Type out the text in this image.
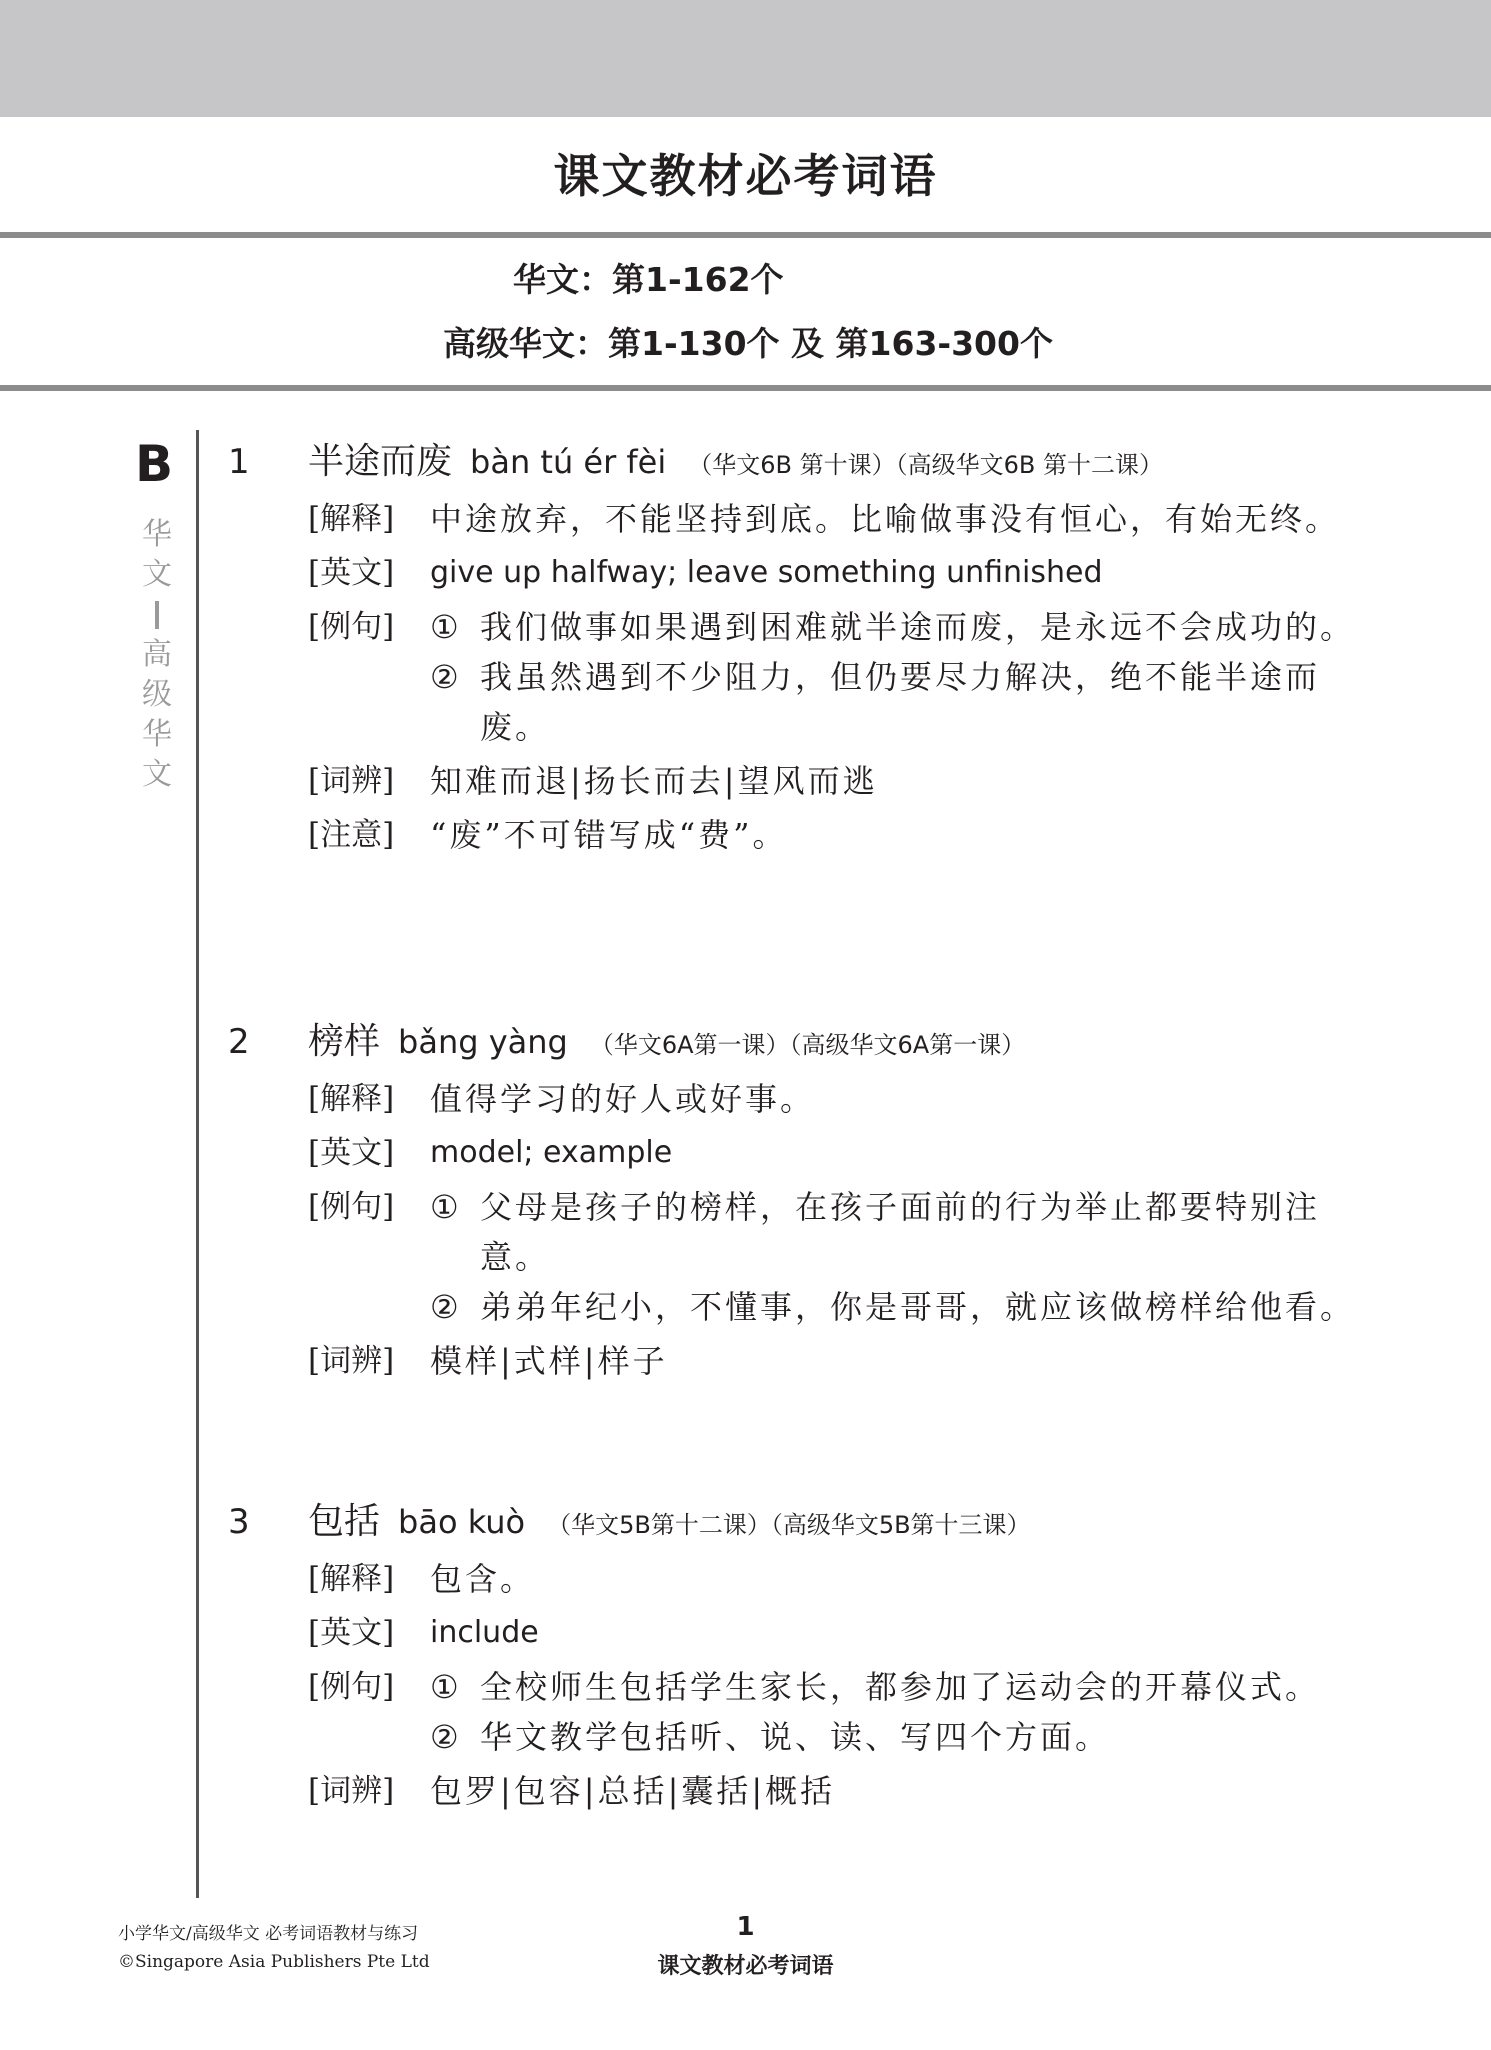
课文教材必考词语
华文：第1-162个
高级华文：第1-130个 及 第163-300个
B
华
文
高
级
华
文
1 半途而废 bàn tú ér fèi （华文6B 第十课）（高级华文6B 第十二课）
[解释]	中途放弃，不能坚持到底。比喻做事没有恒心，有始无终。
[英文]	give up halfway; leave something unfinished
[例句]	① 我们做事如果遇到困难就半途而废，是永远不会成功的。
② 我虽然遇到不少阻力，但仍要尽力解决，绝不能半途而废。
[词辨]	知难而退|扬长而去|望风而逃
[注意]	“废”不可错写成“费”。
2 榜样 bǎng yàng （华文6A第一课）（高级华文6A第一课）
[解释]	值得学习的好人或好事。
[英文]	model; example
[例句]	① 父母是孩子的榜样，在孩子面前的行为举止都要特别注意。
② 弟弟年纪小，不懂事，你是哥哥，就应该做榜样给他看。
[词辨]	模样|式样|样子
3 包括 bāo kuò （华文5B第十二课）（高级华文5B第十三课）
[解释]	包含。
[英文]	include
[例句]	① 全校师生包括学生家长，都参加了运动会的开幕仪式。
② 华文教学包括听、说、读、写四个方面。
[词辨]	包罗|包容|总括|囊括|概括
小学华文/高级华文 必考词语教材与练习
©Singapore Asia Publishers Pte Ltd
1
课文教材必考词语
